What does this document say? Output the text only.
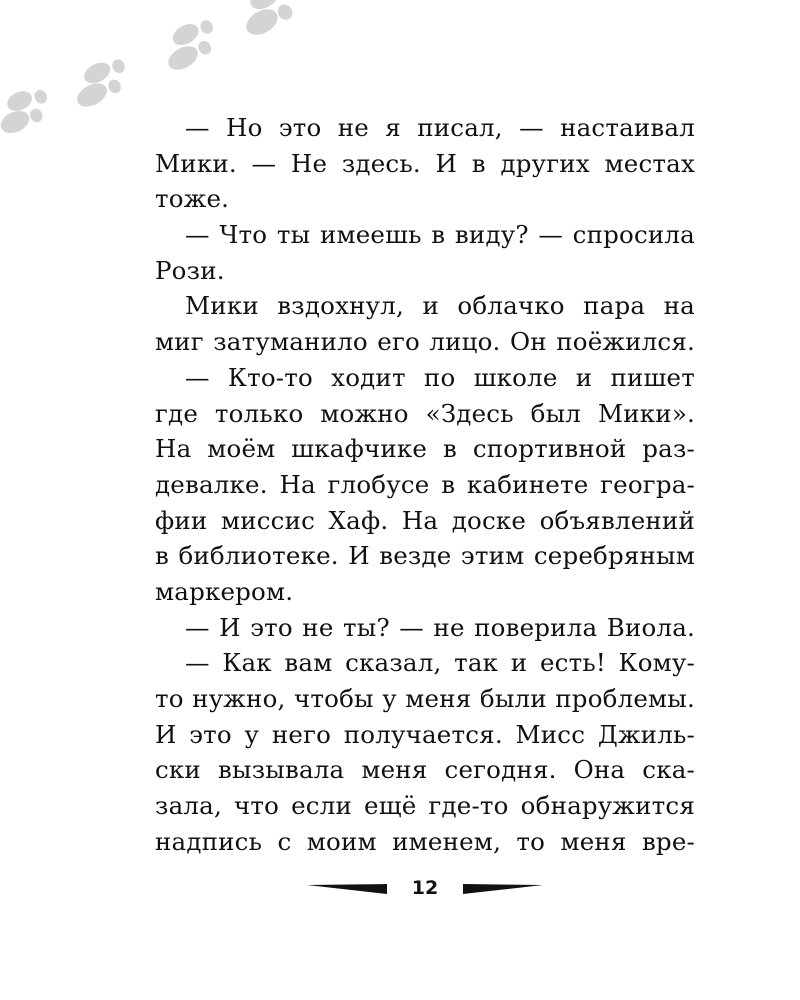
— Но это не я писал, — настаивал
Мики. — Не здесь. И в других местах
тоже.
— Что ты имеешь в виду? — спросила
Рози.
Мики вздохнул, и облачко пара на
миг затуманило его лицо. Он поёжился.
— Кто-то ходит по школе и пишет
где только можно «Здесь был Мики».
На моём шкафчике в спортивной раз-
девалке. На глобусе в кабинете геогра-
фии миссис Хаф. На доске объявлений
в библиотеке. И везде этим серебряным
маркером.
— И это не ты? — не поверила Виола.
— Как вам сказал, так и есть! Кому-
то нужно, чтобы у меня были проблемы.
И это у него получается. Мисс Джиль-
ски вызывала меня сегодня. Она ска-
зала, что если ещё где-то обнаружится
надпись с моим именем, то меня вре-
12
